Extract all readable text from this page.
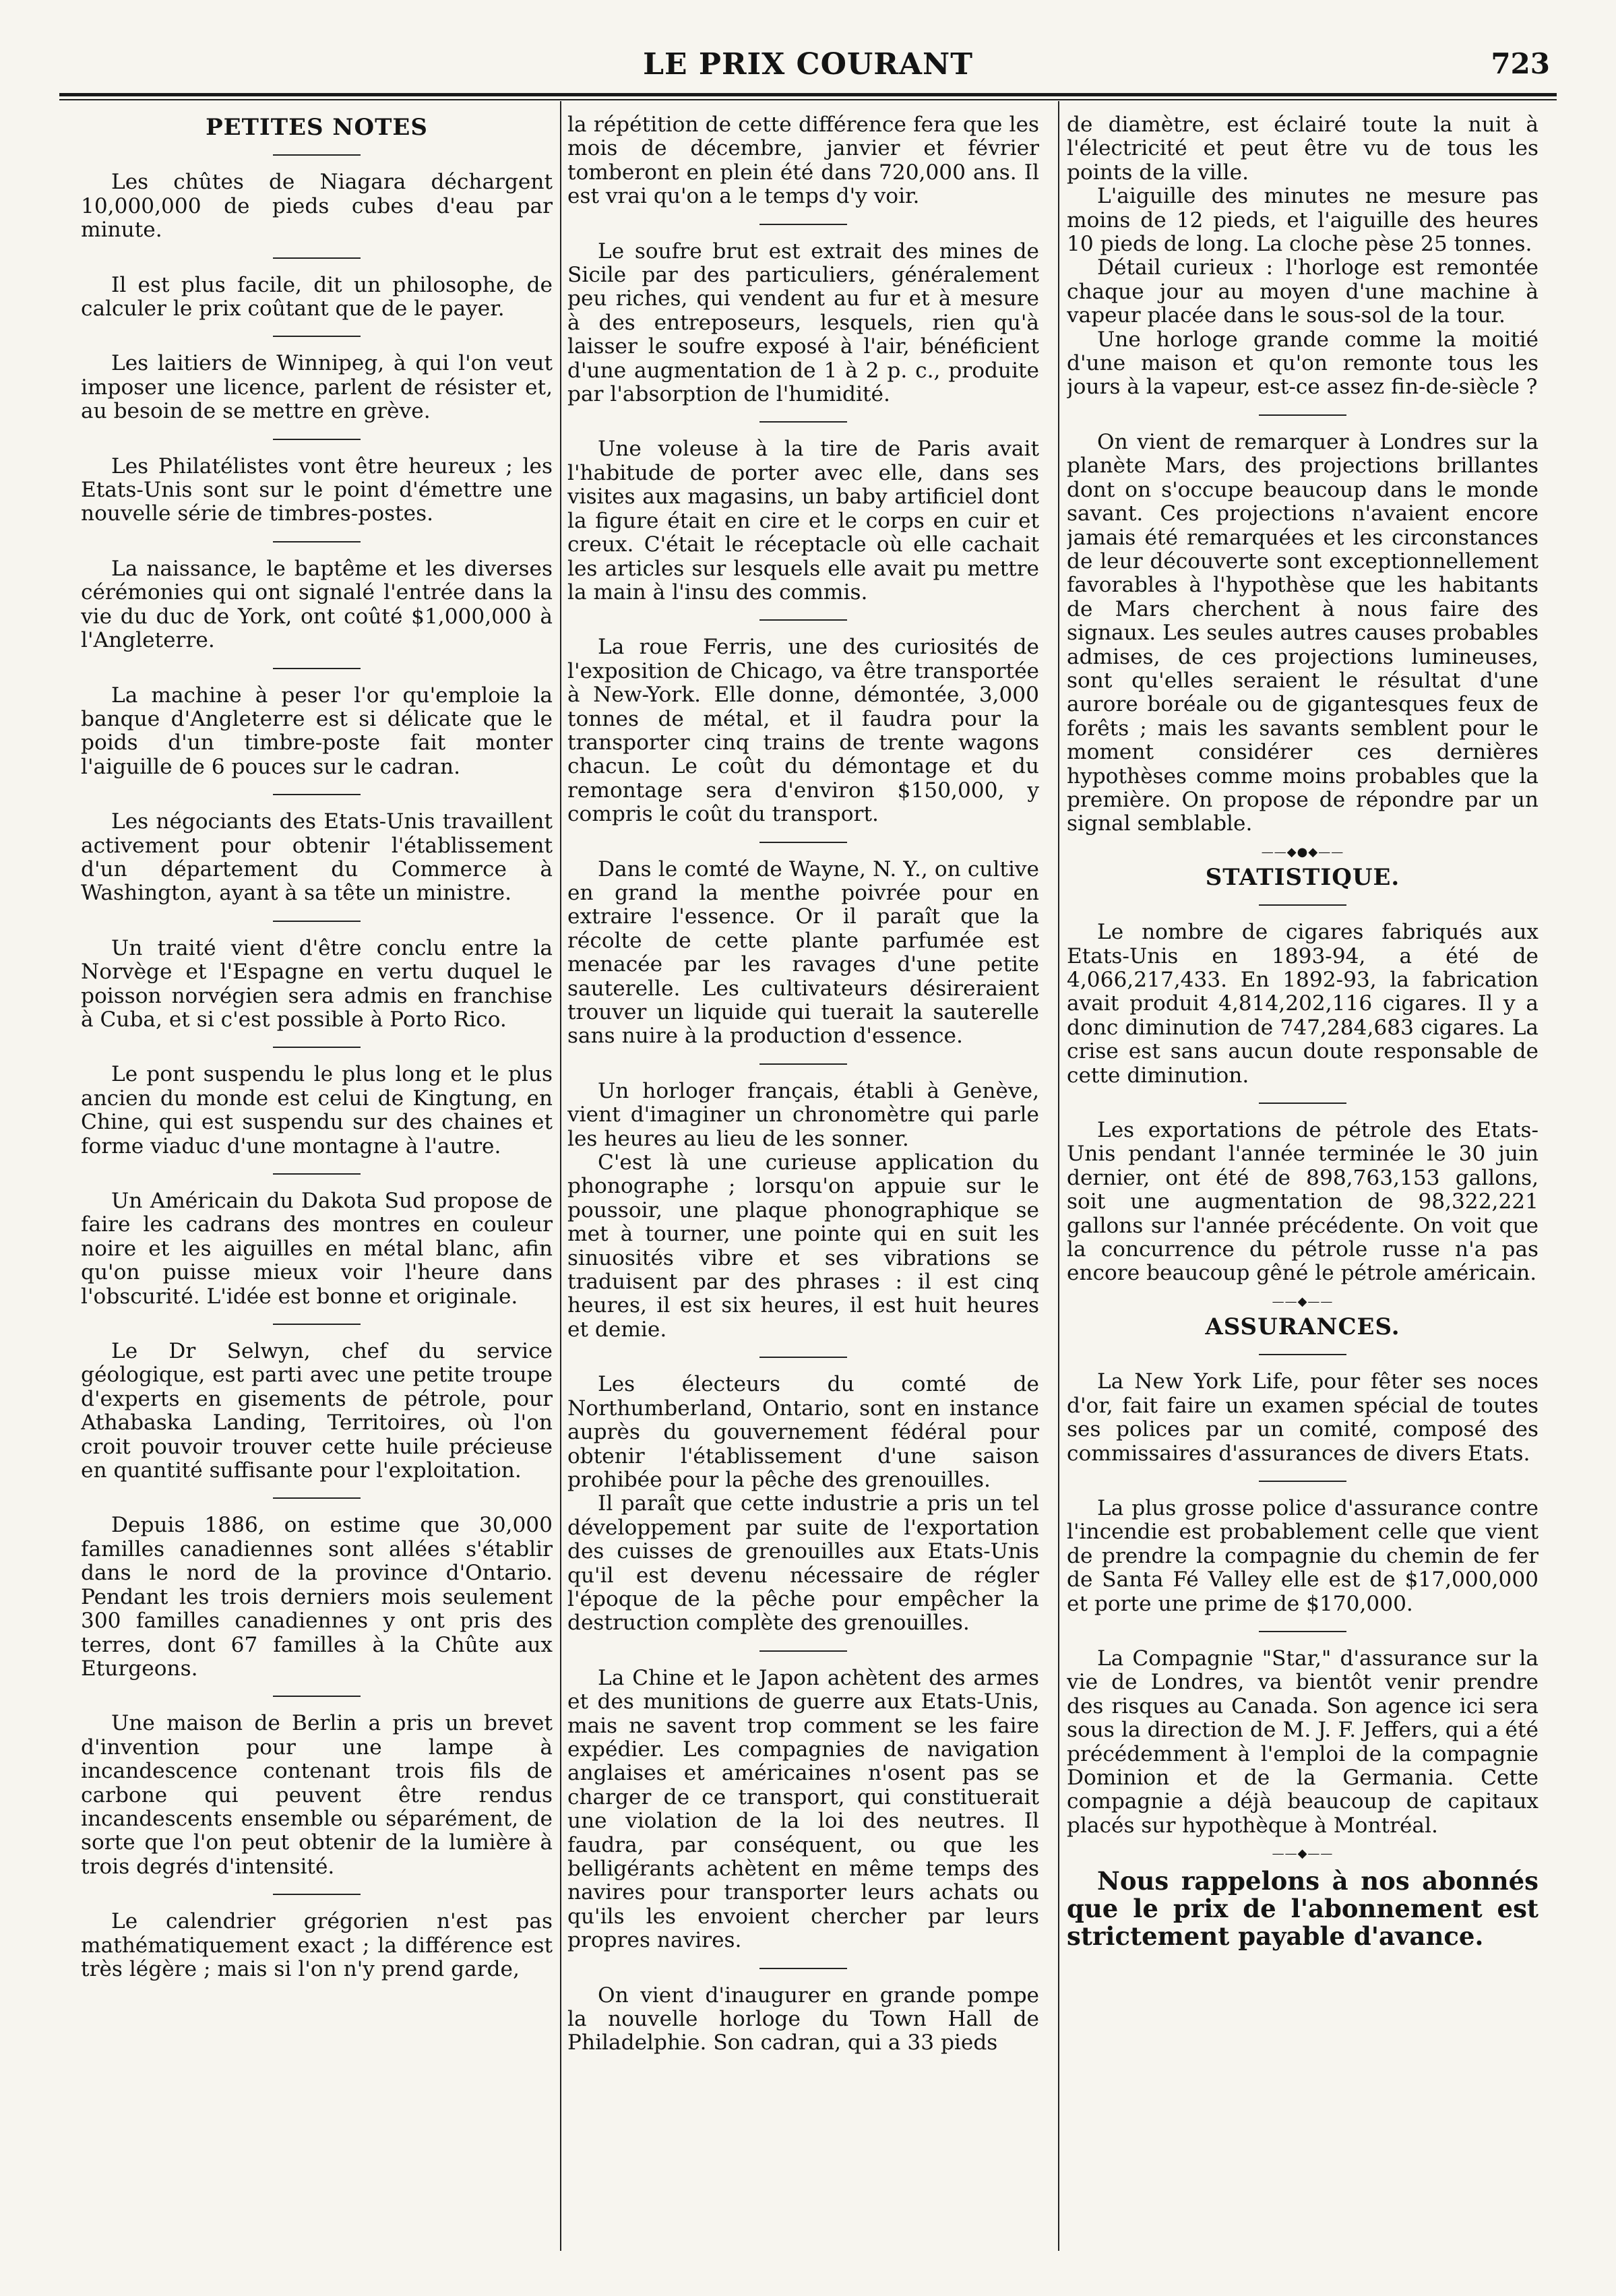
LE PRIX COURANT	723
PETITES NOTES

Les chûtes de Niagara déchargent 10,000,000 de pieds cubes d'eau par minute.

Il est plus facile, dit un philosophe, de calculer le prix coûtant que de le payer.

Les laitiers de Winnipeg, à qui l'on veut imposer une licence, parlent de résister et, au besoin de se mettre en grève.

Les Philatélistes vont être heureux ; les Etats-Unis sont sur le point d'émettre une nouvelle série de timbres-postes.

La naissance, le baptême et les diverses cérémonies qui ont signalé l'entrée dans la vie du duc de York, ont coûté $1,000,000 à l'Angleterre.

La machine à peser l'or qu'emploie la banque d'Angleterre est si délicate que le poids d'un timbre-poste fait monter l'aiguille de 6 pouces sur le cadran.

Les négociants des Etats-Unis travaillent activement pour obtenir l'établissement d'un département du Commerce à Washington, ayant à sa tête un ministre.

Un traité vient d'être conclu entre la Norvège et l'Espagne en vertu duquel le poisson norvégien sera admis en franchise à Cuba, et si c'est possible à Porto Rico.

Le pont suspendu le plus long et le plus ancien du monde est celui de Kingtung, en Chine, qui est suspendu sur des chaines et forme viaduc d'une montagne à l'autre.

Un Américain du Dakota Sud propose de faire les cadrans des montres en couleur noire et les aiguilles en métal blanc, afin qu'on puisse mieux voir l'heure dans l'obscurité. L'idée est bonne et originale.

Le Dr Selwyn, chef du service géologique, est parti avec une petite troupe d'experts en gisements de pétrole, pour Athabaska Landing, Territoires, où l'on croit pouvoir trouver cette huile précieuse en quantité suffisante pour l'exploitation.

Depuis 1886, on estime que 30,000 familles canadiennes sont allées s'établir dans le nord de la province d'Ontario. Pendant les trois derniers mois seulement 300 familles canadiennes y ont pris des terres, dont 67 familles à la Chûte aux Eturgeons.

Une maison de Berlin a pris un brevet d'invention pour une lampe à incandescence contenant trois fils de carbone qui peuvent être rendus incandescents ensemble ou séparément, de sorte que l'on peut obtenir de la lumière à trois degrés d'intensité.

Le calendrier grégorien n'est pas mathématiquement exact ; la différence est très légère ; mais si l'on n'y prend garde,

la répétition de cette différence fera que les mois de décembre, janvier et février tomberont en plein été dans 720,000 ans. Il est vrai qu'on a le temps d'y voir.

Le soufre brut est extrait des mines de Sicile par des particuliers, généralement peu riches, qui vendent au fur et à mesure à des entreposeurs, lesquels, rien qu'à laisser le soufre exposé à l'air, bénéficient d'une augmentation de 1 à 2 p. c., produite par l'absorption de l'humidité.

Une voleuse à la tire de Paris avait l'habitude de porter avec elle, dans ses visites aux magasins, un baby artificiel dont la figure était en cire et le corps en cuir et creux. C'était le réceptacle où elle cachait les articles sur lesquels elle avait pu mettre la main à l'insu des commis.

La roue Ferris, une des curiosités de l'exposition de Chicago, va être transportée à New-York. Elle donne, démontée, 3,000 tonnes de métal, et il faudra pour la transporter cinq trains de trente wagons chacun. Le coût du démontage et du remontage sera d'environ $150,000, y compris le coût du transport.

Dans le comté de Wayne, N. Y., on cultive en grand la menthe poivrée pour en extraire l'essence. Or il paraît que la récolte de cette plante parfumée est menacée par les ravages d'une petite sauterelle. Les cultivateurs désireraient trouver un liquide qui tuerait la sauterelle sans nuire à la production d'essence.

Un horloger français, établi à Genève, vient d'imaginer un chronomètre qui parle les heures au lieu de les sonner.

C'est là une curieuse application du phonographe ; lorsqu'on appuie sur le poussoir, une plaque phonographique se met à tourner, une pointe qui en suit les sinuosités vibre et ses vibrations se traduisent par des phrases : il est cinq heures, il est six heures, il est huit heures et demie.

Les électeurs du comté de Northumberland, Ontario, sont en instance auprès du gouvernement fédéral pour obtenir l'établissement d'une saison prohibée pour la pêche des grenouilles.

Il paraît que cette industrie a pris un tel développement par suite de l'exportation des cuisses de grenouilles aux Etats-Unis qu'il est devenu nécessaire de régler l'époque de la pêche pour empêcher la destruction complète des grenouilles.

La Chine et le Japon achètent des armes et des munitions de guerre aux Etats-Unis, mais ne savent trop comment se les faire expédier. Les compagnies de navigation anglaises et américaines n'osent pas se charger de ce transport, qui constituerait une violation de la loi des neutres. Il faudra, par conséquent, ou que les belligérants achètent en même temps des navires pour transporter leurs achats ou qu'ils les envoient chercher par leurs propres navires.

On vient d'inaugurer en grande pompe la nouvelle horloge du Town Hall de Philadelphie. Son cadran, qui a 33 pieds

de diamètre, est éclairé toute la nuit à l'électricité et peut être vu de tous les points de la ville.

L'aiguille des minutes ne mesure pas moins de 12 pieds, et l'aiguille des heures 10 pieds de long. La cloche pèse 25 tonnes.

Détail curieux : l'horloge est remontée chaque jour au moyen d'une machine à vapeur placée dans le sous-sol de la tour.

Une horloge grande comme la moitié d'une maison et qu'on remonte tous les jours à la vapeur, est-ce assez fin-de-siècle ?

On vient de remarquer à Londres sur la planète Mars, des projections brillantes dont on s'occupe beaucoup dans le monde savant. Ces projections n'avaient encore jamais été remarquées et les circonstances de leur découverte sont exceptionnellement favorables à l'hypothèse que les habitants de Mars cherchent à nous faire des signaux. Les seules autres causes probables admises, de ces projections lumineuses, sont qu'elles seraient le résultat d'une aurore boréale ou de gigantesques feux de forêts ; mais les savants semblent pour le moment considérer ces dernières hypothèses comme moins probables que la première. On propose de répondre par un signal semblable.

——◆●◆——
STATISTIQUE.

Le nombre de cigares fabriqués aux Etats-Unis en 1893-94, a été de 4,066,217,433. En 1892-93, la fabrication avait produit 4,814,202,116 cigares. Il y a donc diminution de 747,284,683 cigares. La crise est sans aucun doute responsable de cette diminution.

Les exportations de pétrole des Etats-Unis pendant l'année terminée le 30 juin dernier, ont été de 898,763,153 gallons, soit une augmentation de 98,322,221 gallons sur l'année précédente. On voit que la concurrence du pétrole russe n'a pas encore beaucoup gêné le pétrole américain.

——◆——
ASSURANCES.

La New York Life, pour fêter ses noces d'or, fait faire un examen spécial de toutes ses polices par un comité, composé des commissaires d'assurances de divers Etats.

La plus grosse police d'assurance contre l'incendie est probablement celle que vient de prendre la compagnie du chemin de fer de Santa Fé Valley elle est de $17,000,000 et porte une prime de $170,000.

La Compagnie "Star," d'assurance sur la vie de Londres, va bientôt venir prendre des risques au Canada. Son agence ici sera sous la direction de M. J. F. Jeffers, qui a été précédemment à l'emploi de la compagnie Dominion et de la Germania. Cette compagnie a déjà beaucoup de capitaux placés sur hypothèque à Montréal.

——◆——

Nous rappelons à nos abonnés que le prix de l'abonnement est strictement payable d'avance.
